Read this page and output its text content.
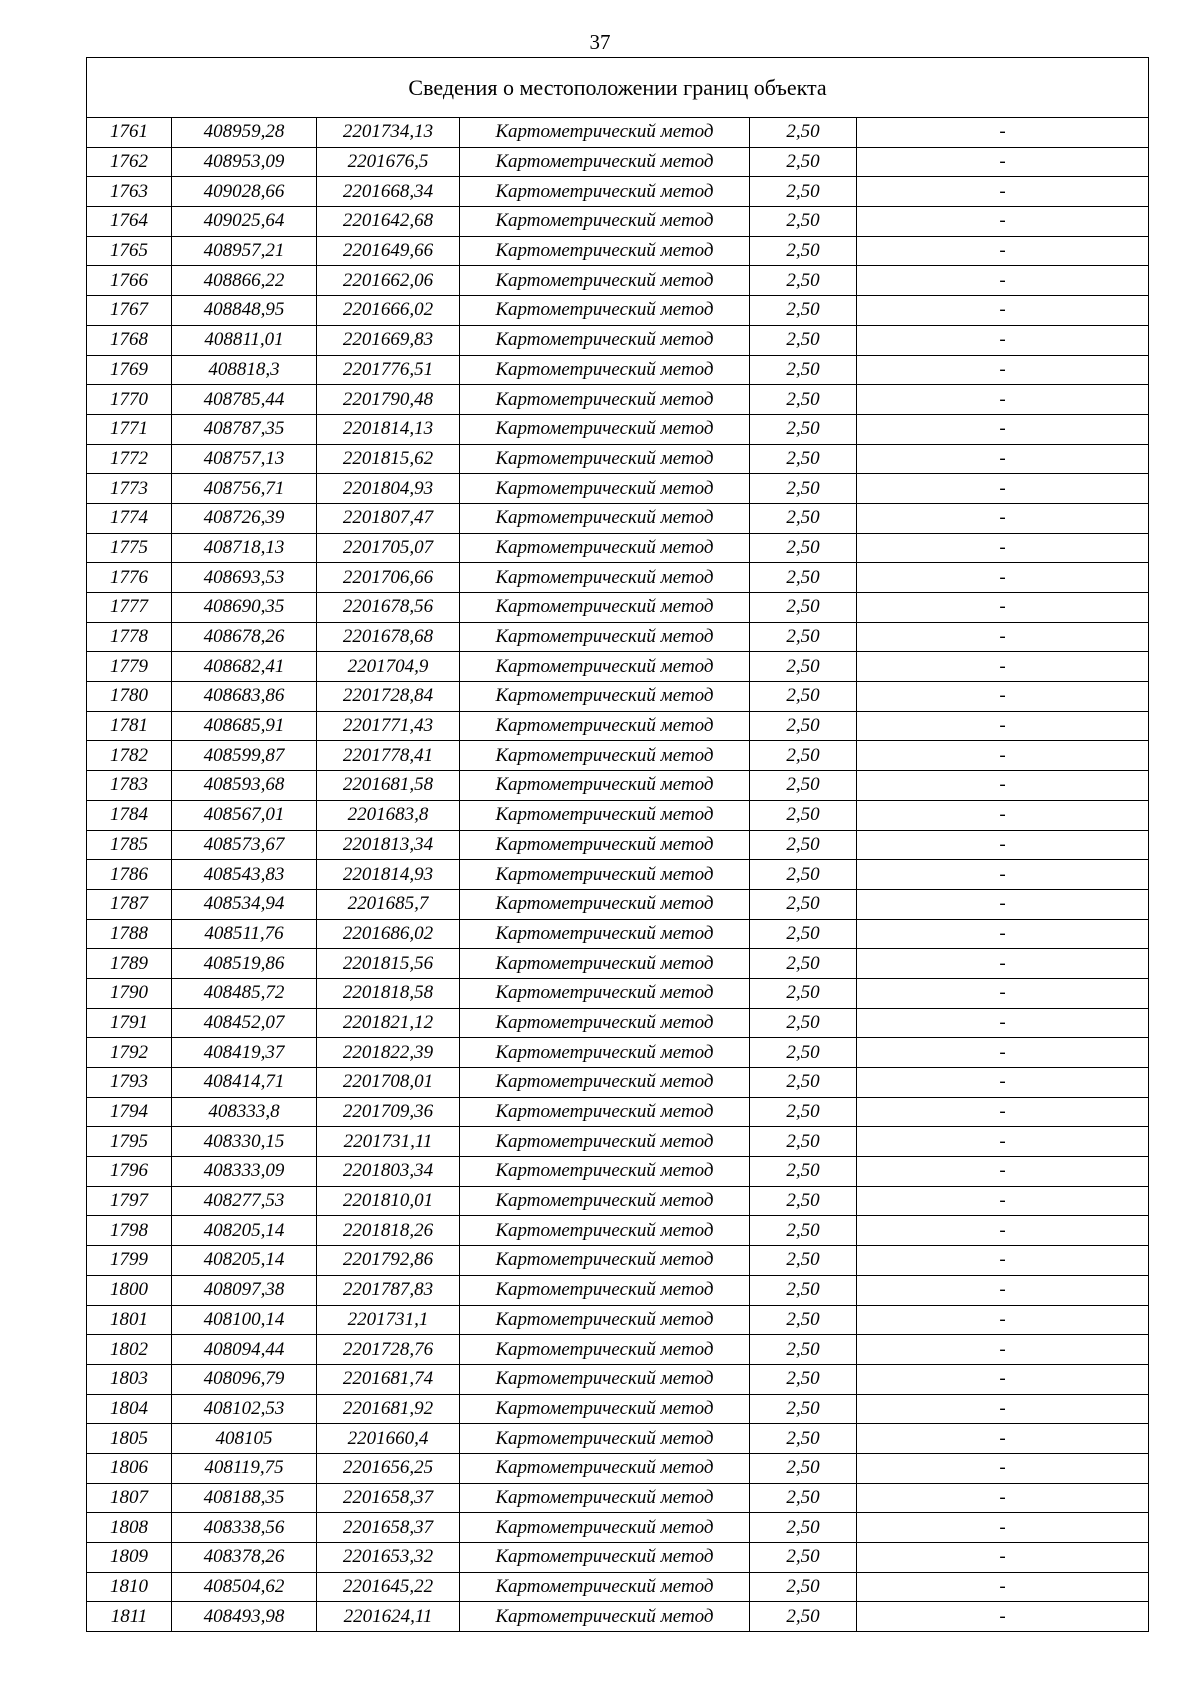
37
Сведения о местоположении границ объекта					
1761	408959,28	2201734,13	Картометрический метод	2,50	-
1762	408953,09	2201676,5	Картометрический метод	2,50	-
1763	409028,66	2201668,34	Картометрический метод	2,50	-
1764	409025,64	2201642,68	Картометрический метод	2,50	-
1765	408957,21	2201649,66	Картометрический метод	2,50	-
1766	408866,22	2201662,06	Картометрический метод	2,50	-
1767	408848,95	2201666,02	Картометрический метод	2,50	-
1768	408811,01	2201669,83	Картометрический метод	2,50	-
1769	408818,3	2201776,51	Картометрический метод	2,50	-
1770	408785,44	2201790,48	Картометрический метод	2,50	-
1771	408787,35	2201814,13	Картометрический метод	2,50	-
1772	408757,13	2201815,62	Картометрический метод	2,50	-
1773	408756,71	2201804,93	Картометрический метод	2,50	-
1774	408726,39	2201807,47	Картометрический метод	2,50	-
1775	408718,13	2201705,07	Картометрический метод	2,50	-
1776	408693,53	2201706,66	Картометрический метод	2,50	-
1777	408690,35	2201678,56	Картометрический метод	2,50	-
1778	408678,26	2201678,68	Картометрический метод	2,50	-
1779	408682,41	2201704,9	Картометрический метод	2,50	-
1780	408683,86	2201728,84	Картометрический метод	2,50	-
1781	408685,91	2201771,43	Картометрический метод	2,50	-
1782	408599,87	2201778,41	Картометрический метод	2,50	-
1783	408593,68	2201681,58	Картометрический метод	2,50	-
1784	408567,01	2201683,8	Картометрический метод	2,50	-
1785	408573,67	2201813,34	Картометрический метод	2,50	-
1786	408543,83	2201814,93	Картометрический метод	2,50	-
1787	408534,94	2201685,7	Картометрический метод	2,50	-
1788	408511,76	2201686,02	Картометрический метод	2,50	-
1789	408519,86	2201815,56	Картометрический метод	2,50	-
1790	408485,72	2201818,58	Картометрический метод	2,50	-
1791	408452,07	2201821,12	Картометрический метод	2,50	-
1792	408419,37	2201822,39	Картометрический метод	2,50	-
1793	408414,71	2201708,01	Картометрический метод	2,50	-
1794	408333,8	2201709,36	Картометрический метод	2,50	-
1795	408330,15	2201731,11	Картометрический метод	2,50	-
1796	408333,09	2201803,34	Картометрический метод	2,50	-
1797	408277,53	2201810,01	Картометрический метод	2,50	-
1798	408205,14	2201818,26	Картометрический метод	2,50	-
1799	408205,14	2201792,86	Картометрический метод	2,50	-
1800	408097,38	2201787,83	Картометрический метод	2,50	-
1801	408100,14	2201731,1	Картометрический метод	2,50	-
1802	408094,44	2201728,76	Картометрический метод	2,50	-
1803	408096,79	2201681,74	Картометрический метод	2,50	-
1804	408102,53	2201681,92	Картометрический метод	2,50	-
1805	408105	2201660,4	Картометрический метод	2,50	-
1806	408119,75	2201656,25	Картометрический метод	2,50	-
1807	408188,35	2201658,37	Картометрический метод	2,50	-
1808	408338,56	2201658,37	Картометрический метод	2,50	-
1809	408378,26	2201653,32	Картометрический метод	2,50	-
1810	408504,62	2201645,22	Картометрический метод	2,50	-
1811	408493,98	2201624,11	Картометрический метод	2,50	-
